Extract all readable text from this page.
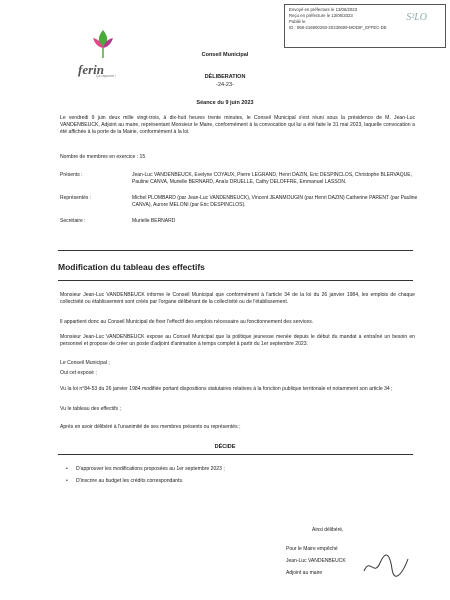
Envoyé en préfecture le 13/06/2023
Reçu en préfecture le 13/06/2023
Publié le
ID : 068-216900250-20230609-MODIF_EFFEC-DE
S²LO
ferin
Ça rayonne !
Conseil Municipal
DÉLIBERATION
-24-23-
Séance du 9 juin 2023
Le vendredi 9 juin deux mille vingt-trois, à dix-huit heures trente minutes, le Conseil Municipal s'est réuni sous la présidence de M. Jean-Luc VANDENBEUCK, Adjoint au maire, représentant Monsieur le Maire, conformément à la convocation qui lui a été faite le 31 mai 2023, laquelle convocation a été affichée à la porte de la Mairie, conformément à la loi.
Nombre de membres en exercice : 15
Présents :	Jean-Luc VANDENBEUCK, Evelyne COYAUX, Pierre LEGRAND, Henri DAZIN, Eric DESPINCLOS, Christophe BLERVAQUE, Pauline CANVA, Murielle BERNARD, Anaïs DRUELLE, Cathy DELOFFRE, Emmanuel LASSON.
Représentés :	Michel PLOMBARD (par Jean-Luc VANDENBEUCK), Vincent JEANMOUGIN (par Henri DAZIN) Catherine PARENT (par Pauline CANVA), Aurore MELONI (par Eric DESPINCLOS).
Secrétaire :	Murielle BERNARD
Modification du tableau des effectifs
Monsieur Jean-Luc VANDENBEUCK informe le Conseil Municipal que conformément à l'article 34 de la loi du 26 janvier 1984, les emplois de chaque collectivité ou établissement sont créés par l'organe délibérant de la collectivité ou de l'établissement.
Il appartient donc au Conseil Municipal de fixer l'effectif des emplois nécessaire au fonctionnement des services.
Monsieur Jean-Luc VANDENBEUCK expose au Conseil Municipal que la politique jeunesse menée depuis le début du mandat a entraîné un besoin en personnel et propose de créer un poste d'adjoint d'animation à temps complet à partir du 1er septembre 2023.
Le Conseil Municipal ;
Oui cet exposé ;
Vu la loi n°84-53 du 26 janvier 1984 modifiée portant dispositions statutaires relatives à la fonction publique territoriale et notamment son article 34 ;
Vu le tableau des effectifs ;
Après en avoir délibéré à l'unanimité de ses membres présents ou représentés ;
DÉCIDE
• D'approuver les modifications proposées au 1er septembre 2023 ;
• D'inscrire au budget les crédits correspondants.
Ainsi délibéré,
Pour le Maire empêché
Jean-Luc VANDENBEUCK
Adjoint au maire
